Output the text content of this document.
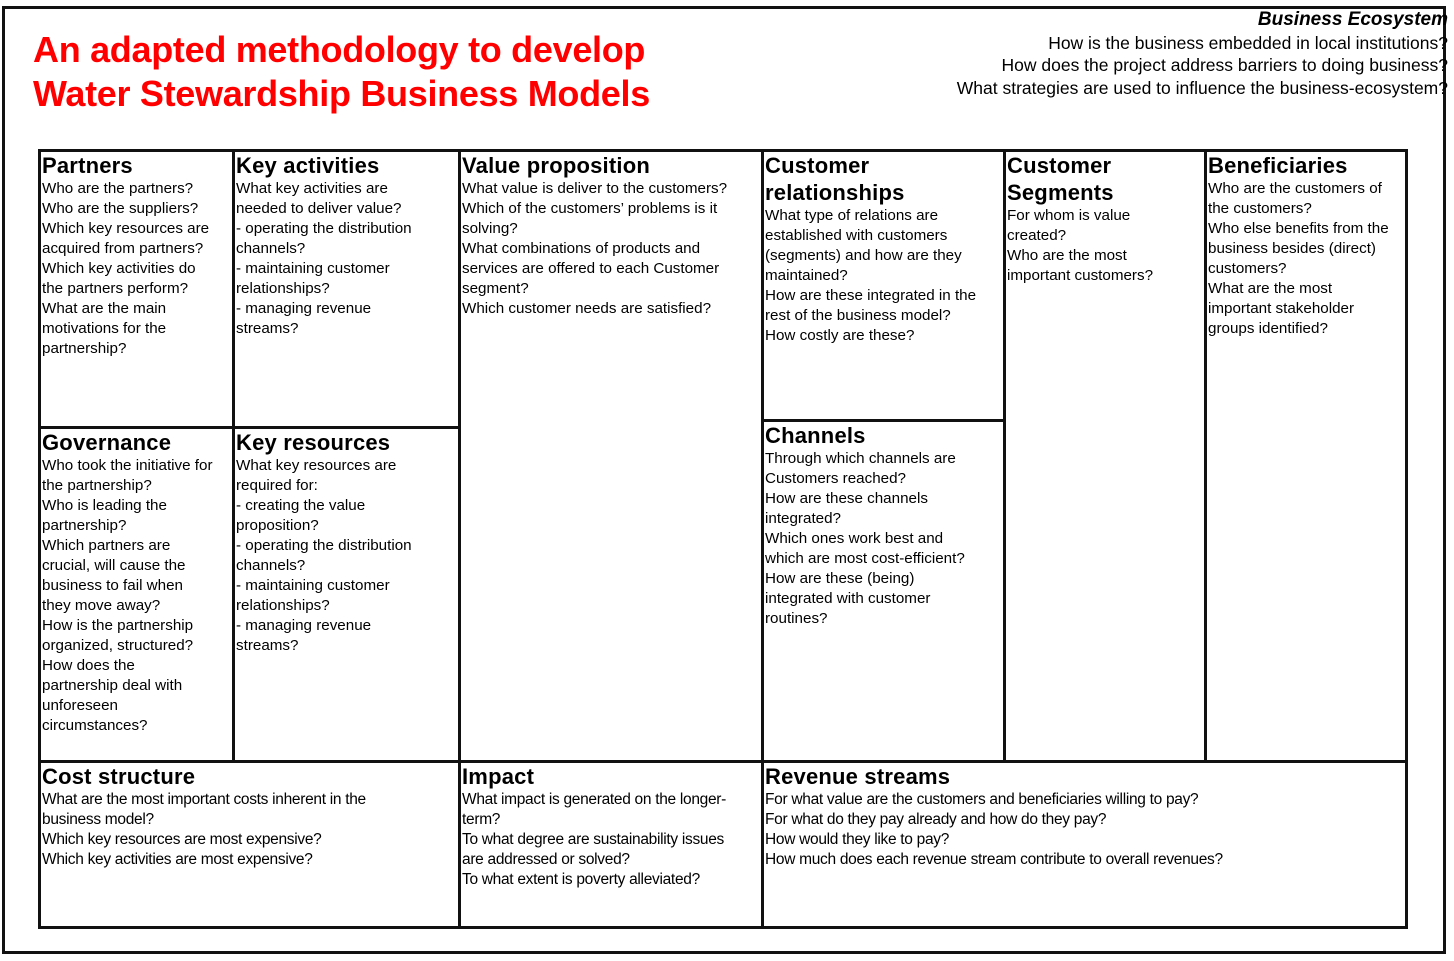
An adapted methodology to develop
Water Stewardship Business Models
Business Ecosystem
How is the business embedded in local institutions?
How does the project address barriers to doing business?
What strategies are used to influence the business-ecosystem?
Partners
Who are the partners?
Who are the suppliers?
Which key resources are
acquired from partners?
Which key activities do
the partners perform?
What are the main
motivations for the
partnership?
Key activities
What key activities are
needed to deliver value?
- operating the distribution
channels?
- maintaining customer
relationships?
- managing revenue
streams?
Governance
Who took the initiative for
the partnership?
Who is leading the
partnership?
Which partners are
crucial, will cause the
business to fail when
they move away?
How is the partnership
organized, structured?
How does the
partnership deal with
unforeseen
circumstances?
Key resources
What key resources are
required for:
- creating the value
proposition?
- operating the distribution
channels?
- maintaining customer
relationships?
- managing revenue
streams?
Value proposition
What value is deliver to the customers?
Which of the customers’ problems is it
solving?
What combinations of products and
services are offered to each Customer
segment?
Which customer needs are satisfied?
Customer
relationships
What type of relations are
established with customers
(segments) and how are they
maintained?
How are these integrated in the
rest of the business model?
How costly are these?
Channels
Through which channels are
Customers reached?
How are these channels
integrated?
Which ones work best and
which are most cost-efficient?
How are these (being)
integrated with customer
routines?
Customer
Segments
For whom is value
created?
Who are the most
important customers?
Beneficiaries
Who are the customers of
the customers?
Who else benefits from the
business besides (direct)
customers?
What are the most
important stakeholder
groups identified?
Cost structure
What are the most important costs inherent in the
business model?
Which key resources are most expensive?
Which key activities are most expensive?
Impact
What impact is generated on the longer-
term?
To what degree are sustainability issues
are addressed or solved?
To what extent is poverty alleviated?
Revenue streams
For what value are the customers and beneficiaries willing to pay?
For what do they pay already and how do they pay?
How would they like to pay?
How much does each revenue stream contribute to overall revenues?
